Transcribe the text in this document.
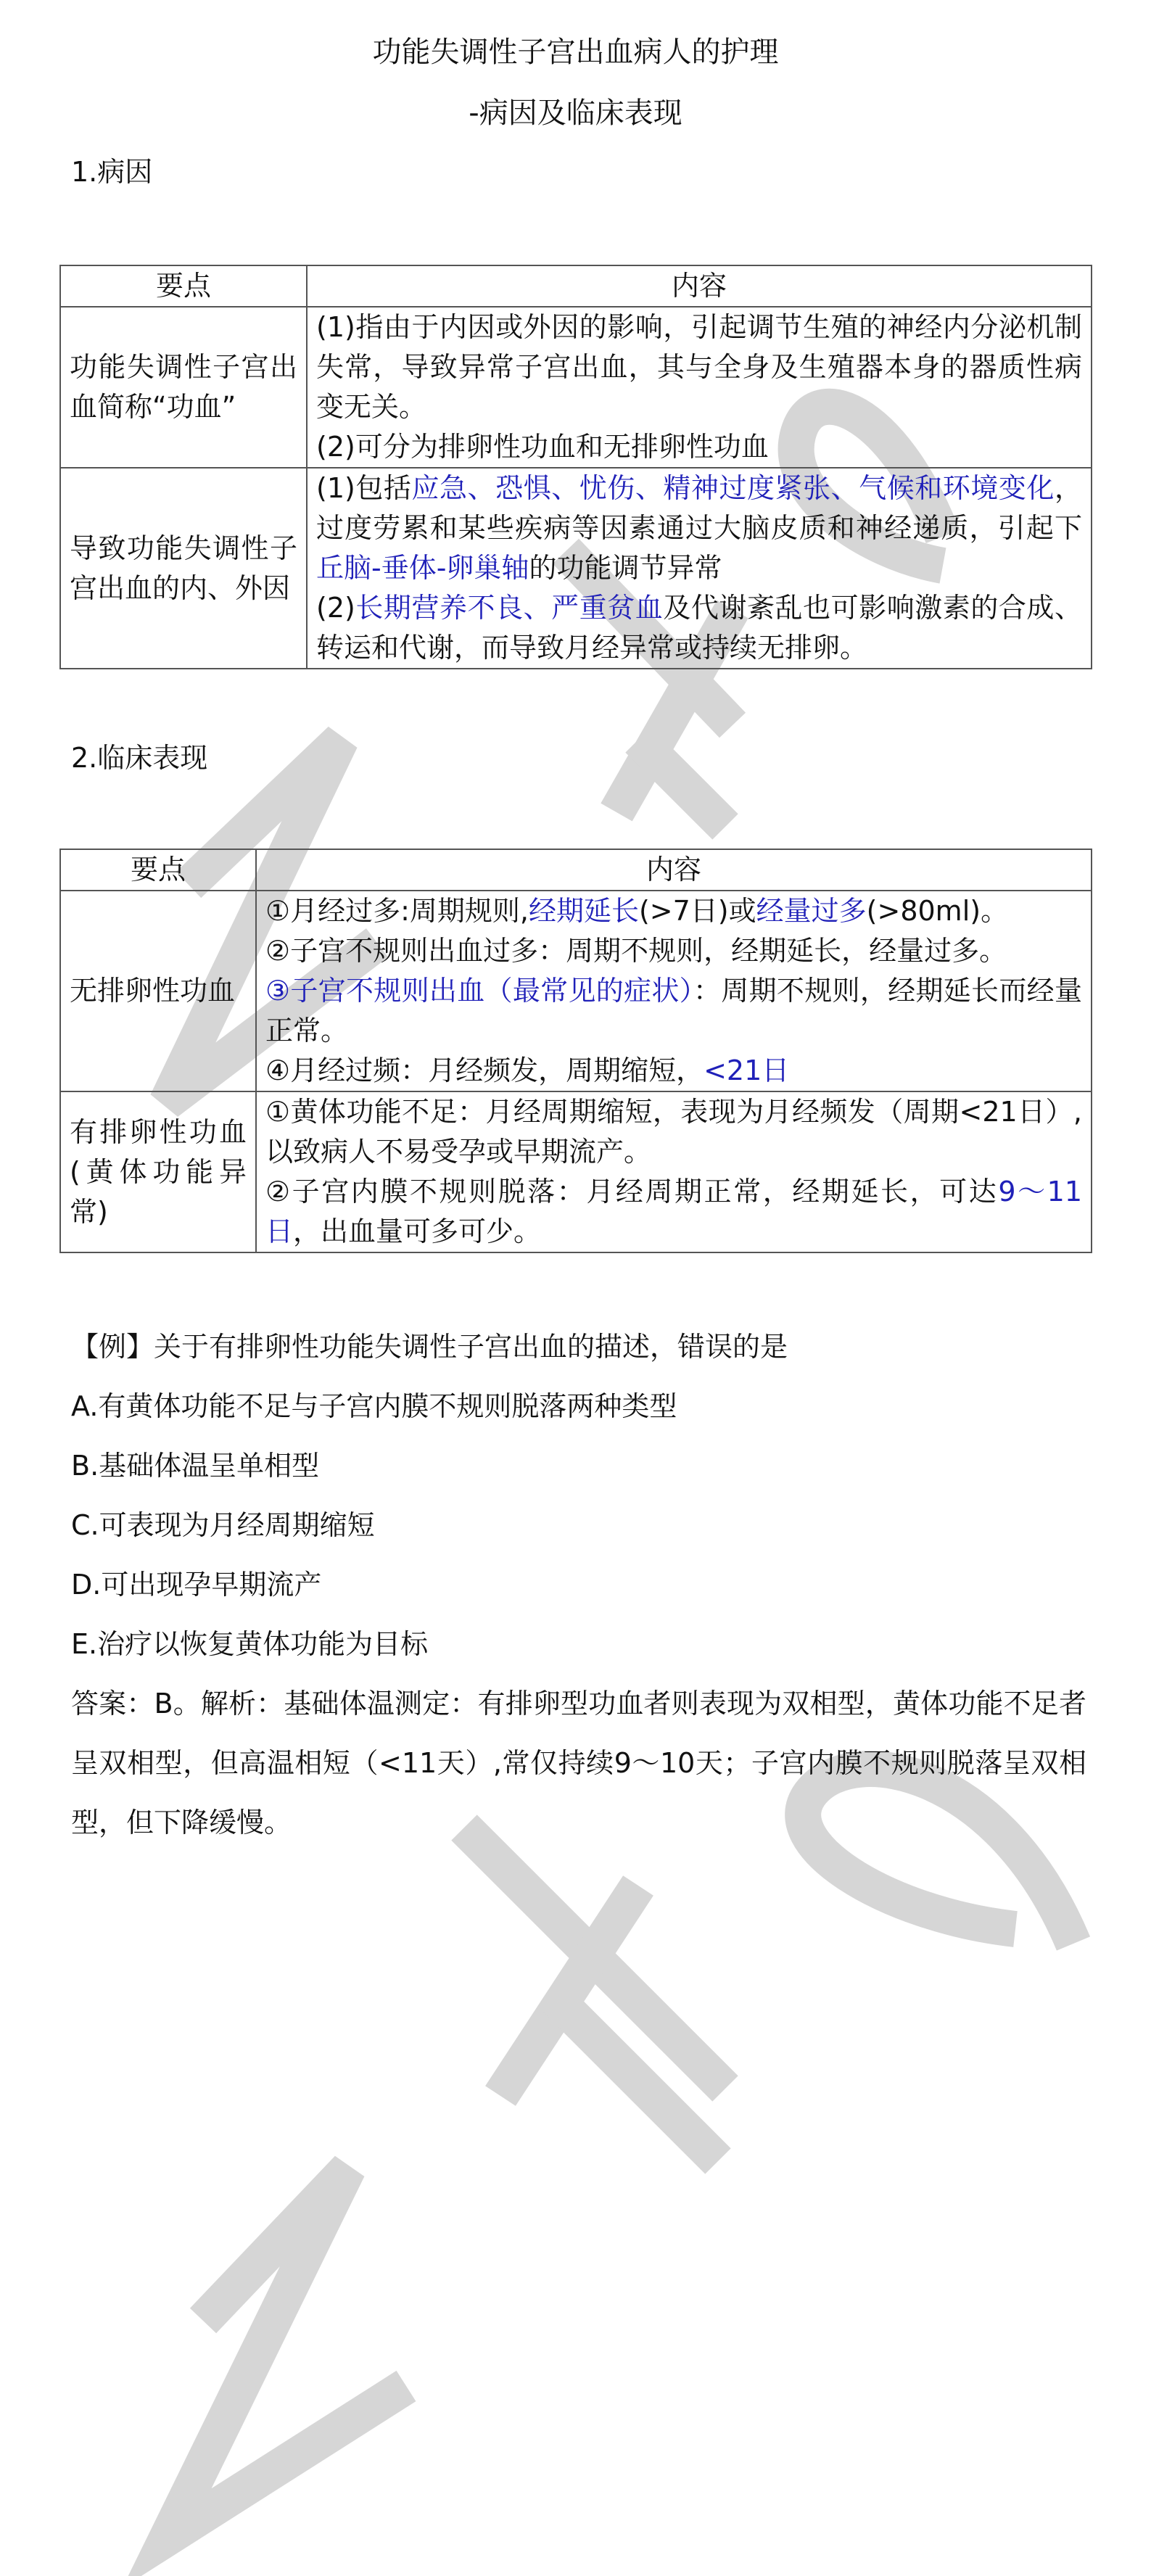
功能失调性子宫出血病人的护理
-病因及临床表现
1.病因
要点	内容
功能失调性子宫出血简称“功血”	(1)指由于内因或外因的影响，引起调节生殖的神经内分泌机制失常，导致异常子宫出血，其与全身及生殖器本身的器质性病变无关。
(2)可分为排卵性功血和无排卵性功血

导致功能失调性子宫出血的内、外因	(1)包括应急、恐惧、忧伤、精神过度紧张、气候和环境变化，过度劳累和某些疾病等因素通过大脑皮质和神经递质，引起下丘脑-垂体-卵巢轴的功能调节异常
(2)长期营养不良、严重贫血及代谢紊乱也可影响激素的合成、转运和代谢，而导致月经异常或持续无排卵。
2.临床表现
要点	内容
无排卵性功血	①月经过多:周期规则,经期延长(>7日)或经量过多(>80ml)。
②子宫不规则出血过多：周期不规则，经期延长，经量过多。
③子宫不规则出血（最常见的症状）：周期不规则，经期延长而经量正常。
④月经过频：月经频发，周期缩短，<21日

有排卵性功血(黄体功能异常)	①黄体功能不足：月经周期缩短，表现为月经频发（周期<21日）,以致病人不易受孕或早期流产。
②子宫内膜不规则脱落：月经周期正常，经期延长，可达9～11日，出血量可多可少。
【例】关于有排卵性功能失调性子宫出血的描述，错误的是
A.有黄体功能不足与子宫内膜不规则脱落两种类型
B.基础体温呈单相型
C.可表现为月经周期缩短
D.可出现孕早期流产
E.治疗以恢复黄体功能为目标
答案：B。解析：基础体温测定：有排卵型功血者则表现为双相型，黄体功能不足者呈双相型，但高温相短（<11天）,常仅持续9～10天；子宫内膜不规则脱落呈双相型，但下降缓慢。
